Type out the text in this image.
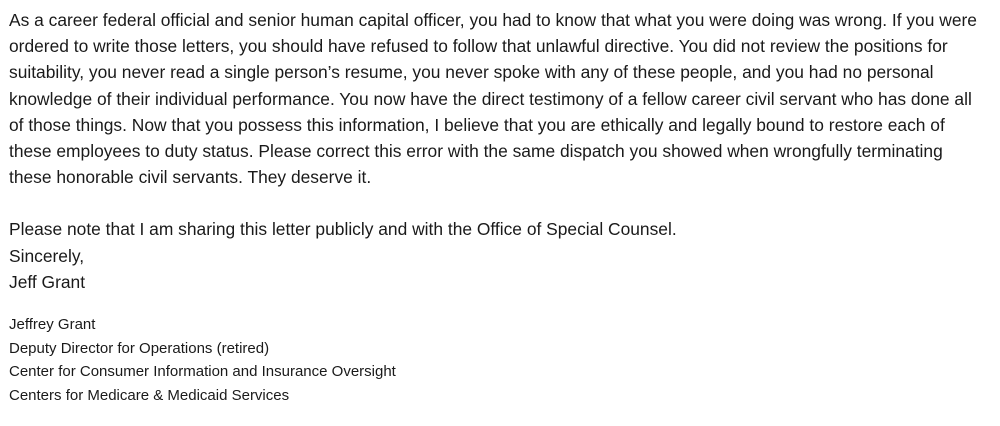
As a career federal official and senior human capital officer, you had to know that what you were doing was wrong. If you were
ordered to write those letters, you should have refused to follow that unlawful directive. You did not review the positions for
suitability, you never read a single person’s resume, you never spoke with any of these people, and you had no personal
knowledge of their individual performance. You now have the direct testimony of a fellow career civil servant who has done all
of those things. Now that you possess this information, I believe that you are ethically and legally bound to restore each of
these employees to duty status. Please correct this error with the same dispatch you showed when wrongfully terminating
these honorable civil servants. They deserve it.

Please note that I am sharing this letter publicly and with the Office of Special Counsel.
Sincerely,
Jeff Grant

Jeffrey Grant

Deputy Director for Operations (retired)

Center for Consumer Information and Insurance Oversight

Centers for Medicare & Medicaid Services
